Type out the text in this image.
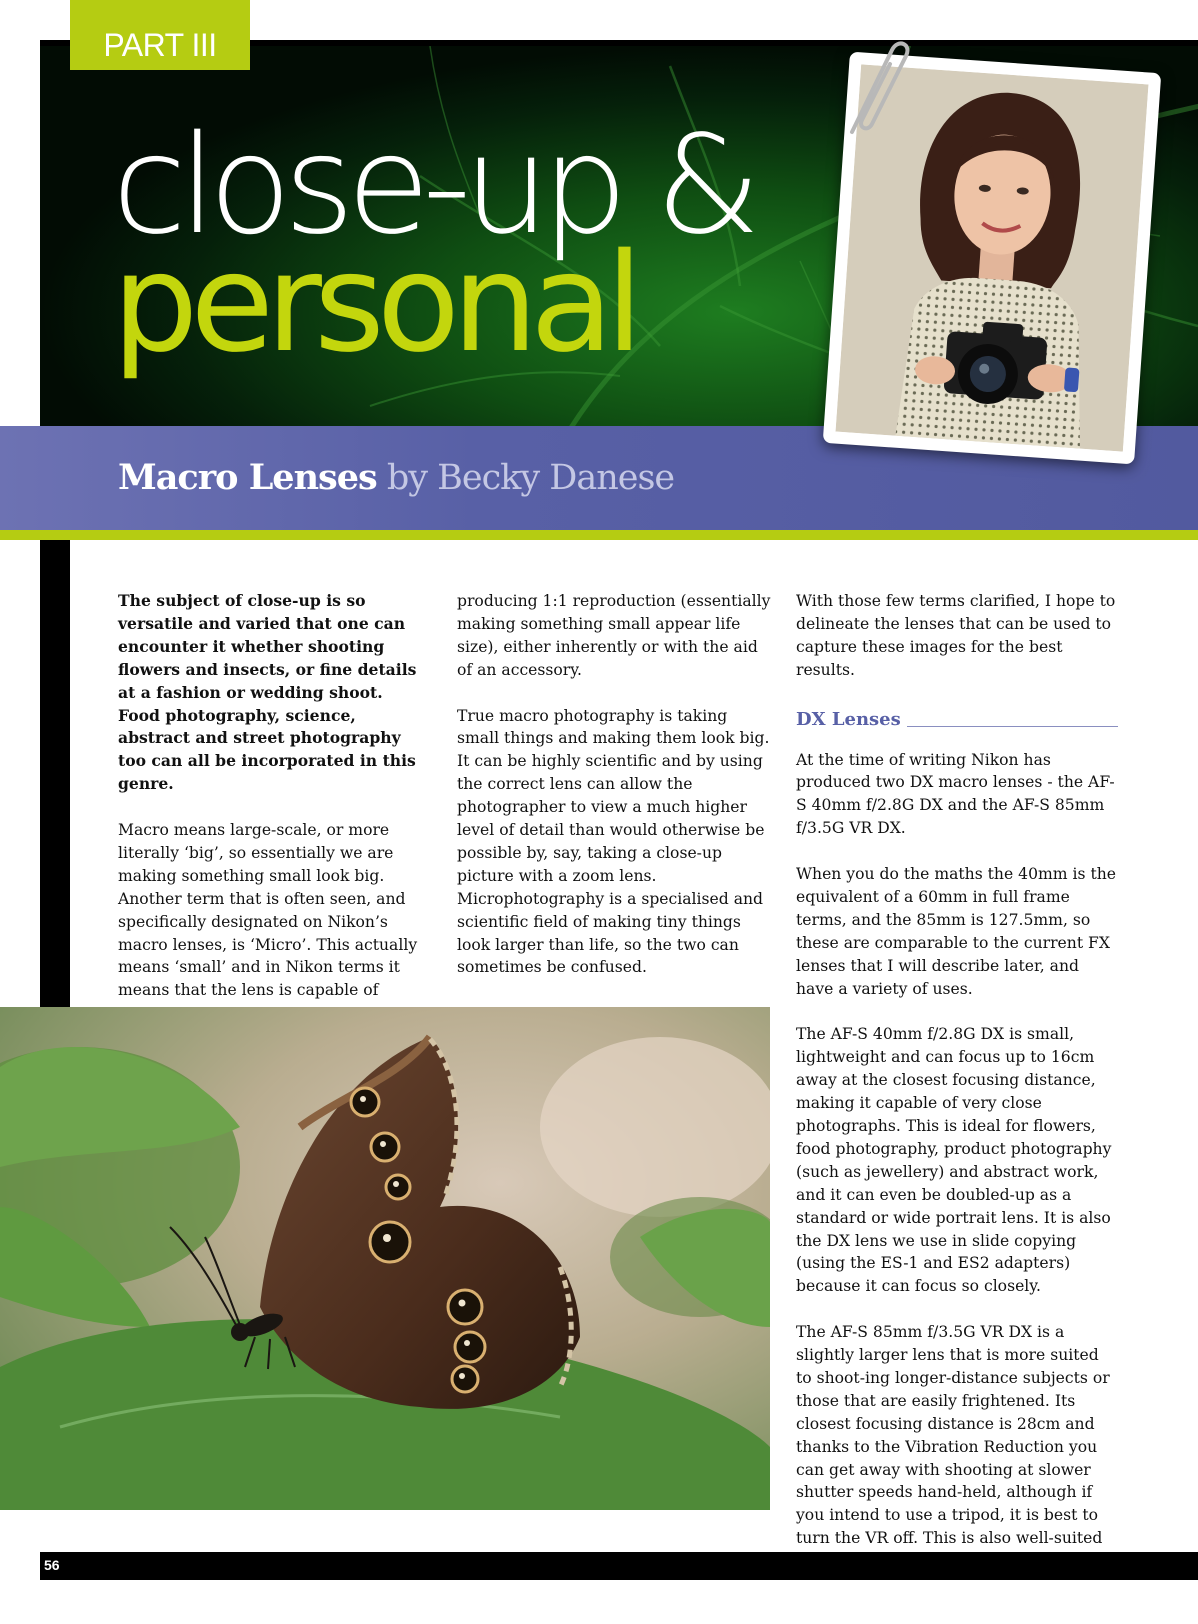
PART III
close-up &
personal
Macro Lenses by Becky Danese

The subject of close-up is so versatile and varied that one can encounter it whether shooting flowers and insects, or fine details at a fashion or wedding shoot. Food photography, science, abstract and street photography too can all be incorporated in this genre.

Macro means large-scale, or more literally ‘big’, so essentially we are making something small look big. Another term that is often seen, and specifically designated on Nikon’s macro lenses, is ‘Micro’. This actually means ‘small’ and in Nikon terms it means that the lens is capable of

producing 1:1 reproduction (essentially making something small appear life size), either inherently or with the aid of an accessory.

True macro photography is taking small things and making them look big. It can be highly scientific and by using the correct lens can allow the photographer to view a much higher level of detail than would otherwise be possible by, say, taking a close-up picture with a zoom lens. Microphotography is a specialised and scientific field of making tiny things look larger than life, so the two can sometimes be confused.

With those few terms clarified, I hope to delineate the lenses that can be used to capture these images for the best results.

DX Lenses

At the time of writing Nikon has produced two DX macro lenses - the AF-S 40mm f/2.8G DX and the AF-S 85mm f/3.5G VR DX.

When you do the maths the 40mm is the equivalent of a 60mm in full frame terms, and the 85mm is 127.5mm, so these are comparable to the current FX lenses that I will describe later, and have a variety of uses.

The AF-S 40mm f/2.8G DX is small, lightweight and can focus up to 16cm away at the closest focusing distance, making it capable of very close photographs. This is ideal for flowers, food photography, product photography (such as jewellery) and abstract work, and it can even be doubled-up as a standard or wide portrait lens. It is also the DX lens we use in slide copying (using the ES-1 and ES2 adapters) because it can focus so closely.

The AF-S 85mm f/3.5G VR DX is a slightly larger lens that is more suited to shoot-ing longer-distance subjects or those that are easily frightened. Its closest focusing distance is 28cm and thanks to the Vibration Reduction you can get away with shooting at slower shutter speeds hand-held, although if you intend to use a tripod, it is best to turn the VR off. This is also well-suited

56
